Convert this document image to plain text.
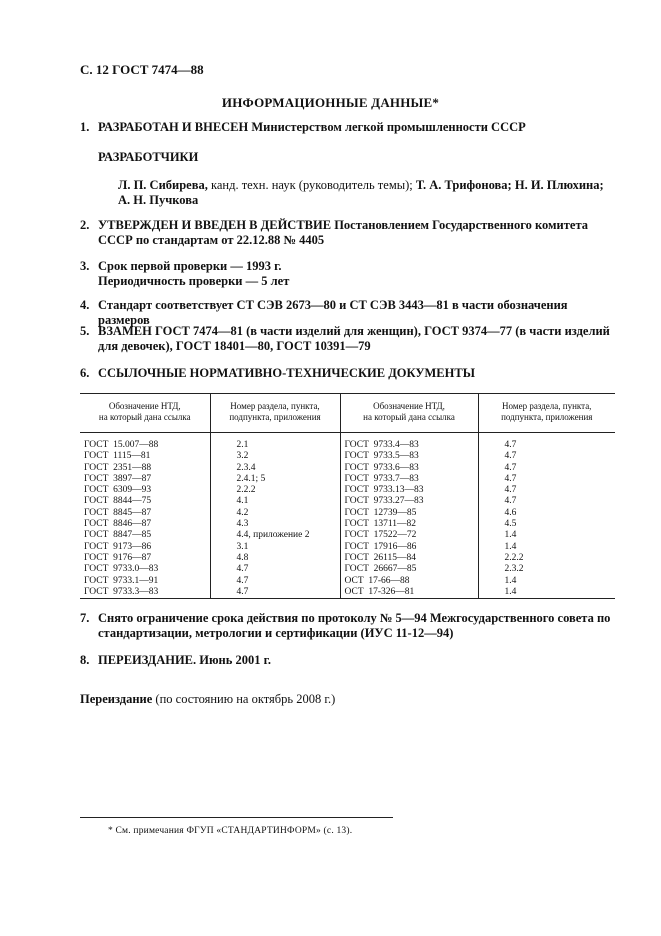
С. 12 ГОСТ 7474—88
ИНФОРМАЦИОННЫЕ ДАННЫЕ*
1. РАЗРАБОТАН И ВНЕСЕН Министерством легкой промышленности СССР
РАЗРАБОТЧИКИ
Л. П. Сибирева, канд. техн. наук (руководитель темы); Т. А. Трифонова; Н. И. Плюхина; А. Н. Пучкова
2. УТВЕРЖДЕН И ВВЕДЕН В ДЕЙСТВИЕ Постановлением Государственного комитета СССР по стандартам от 22.12.88 № 4405
3. Срок первой проверки — 1993 г.
Периодичность проверки — 5 лет
4. Стандарт соответствует СТ СЭВ 2673—80 и СТ СЭВ 3443—81 в части обозначения размеров
5. ВЗАМЕН ГОСТ 7474—81 (в части изделий для женщин), ГОСТ 9374—77 (в части изделий для девочек), ГОСТ 18401—80, ГОСТ 10391—79
6. ССЫЛОЧНЫЕ НОРМАТИВНО-ТЕХНИЧЕСКИЕ ДОКУМЕНТЫ
Обозначение НТД,
на который дана ссылка	Номер раздела, пункта,
подпункта, приложения	Обозначение НТД,
на который дана ссылка	Номер раздела, пункта,
подпункта, приложения
ГОСТ  15.007—88	2.1	ГОСТ  9733.4—83	4.7
ГОСТ  1115—81	3.2	ГОСТ  9733.5—83	4.7
ГОСТ  2351—88	2.3.4	ГОСТ  9733.6—83	4.7
ГОСТ  3897—87	2.4.1; 5	ГОСТ  9733.7—83	4.7
ГОСТ  6309—93	2.2.2	ГОСТ  9733.13—83	4.7
ГОСТ  8844—75	4.1	ГОСТ  9733.27—83	4.7
ГОСТ  8845—87	4.2	ГОСТ  12739—85	4.6
ГОСТ  8846—87	4.3	ГОСТ  13711—82	4.5
ГОСТ  8847—85	4.4, приложение 2	ГОСТ  17522—72	1.4
ГОСТ  9173—86	3.1	ГОСТ  17916—86	1.4
ГОСТ  9176—87	4.8	ГОСТ  26115—84	2.2.2
ГОСТ  9733.0—83	4.7	ГОСТ  26667—85	2.3.2
ГОСТ  9733.1—91	4.7	ОСТ  17-66—88	1.4
ГОСТ  9733.3—83	4.7	ОСТ  17-326—81	1.4
7. Снято ограничение срока действия по протоколу № 5—94 Межгосударственного совета по стандартизации, метрологии и сертификации (ИУС 11-12—94)
8. ПЕРЕИЗДАНИЕ. Июнь 2001 г.
Переиздание (по состоянию на октябрь 2008 г.)
* См. примечания ФГУП «СТАНДАРТИНФОРМ» (с. 13).
